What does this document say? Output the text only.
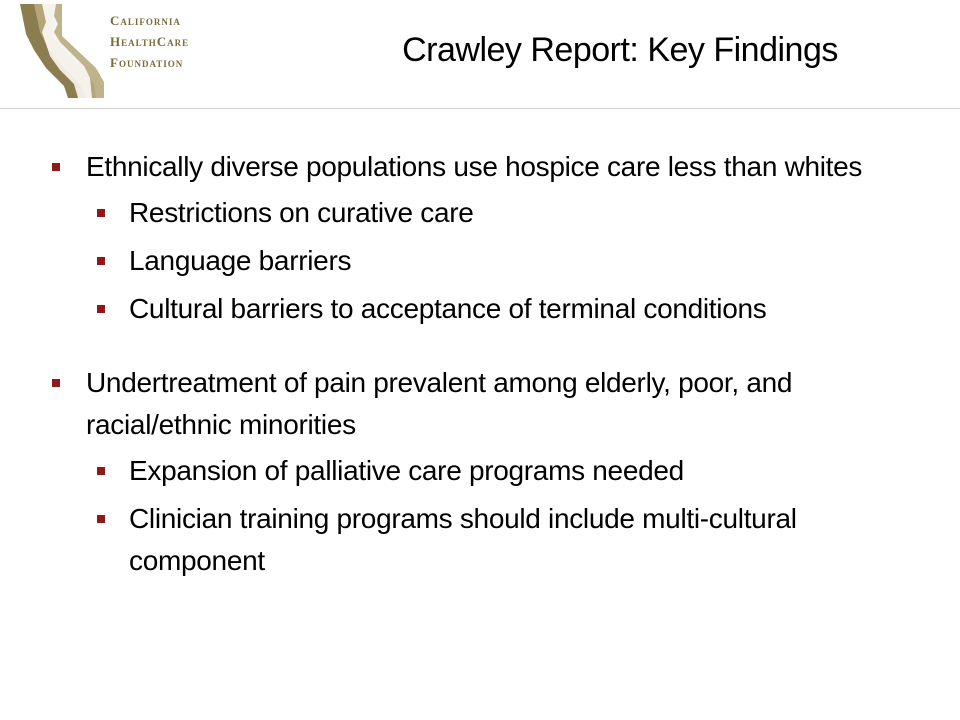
California
HealthCare
Foundation	Crawley Report: Key Findings
Ethnically diverse populations use hospice care less than whites
Restrictions on curative care
Language barriers
Cultural barriers to acceptance of terminal conditions
Undertreatment of pain prevalent among elderly, poor, and racial/ethnic minorities
Expansion of palliative care programs needed
Clinician training programs should include multi-cultural component
